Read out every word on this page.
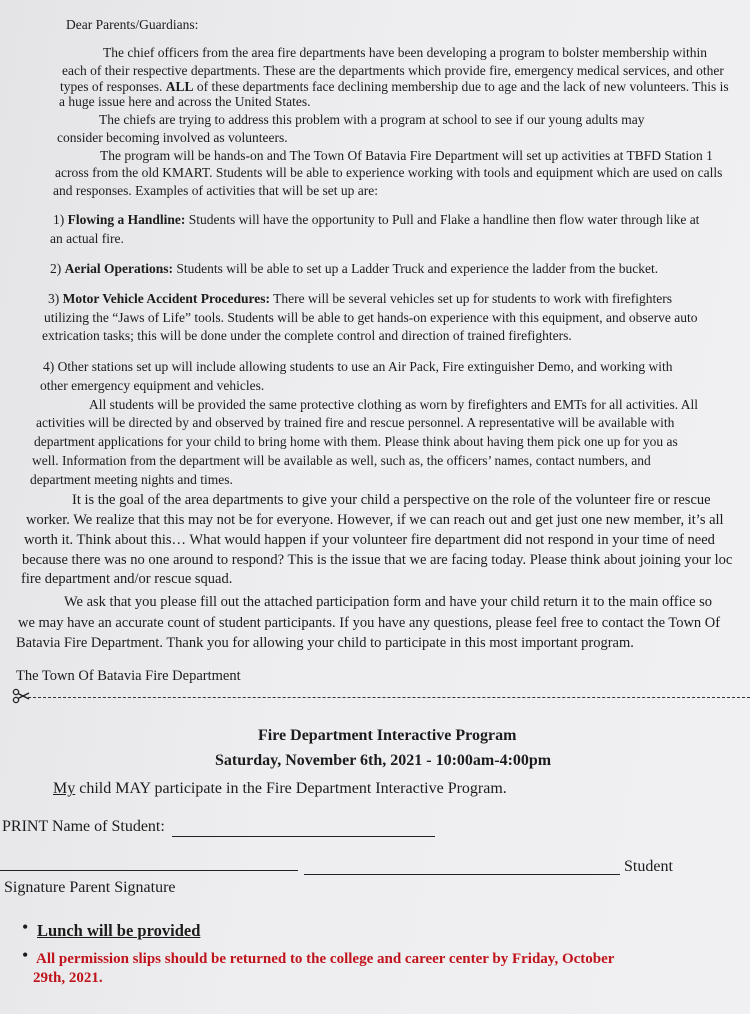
Dear Parents/Guardians:
The chief officers from the area fire departments have been developing a program to bolster membership within
each of their respective departments. These are the departments which provide fire, emergency medical services, and other
types of responses. ALL of these departments face declining membership due to age and the lack of new volunteers. This is
a huge issue here and across the United States.
The chiefs are trying to address this problem with a program at school to see if our young adults may
consider becoming involved as volunteers.
The program will be hands-on and The Town Of Batavia Fire Department will set up activities at TBFD Station 1
across from the old KMART. Students will be able to experience working with tools and equipment which are used on calls
and responses. Examples of activities that will be set up are:
1) Flowing a Handline: Students will have the opportunity to Pull and Flake a handline then flow water through like at
an actual fire.
2) Aerial Operations: Students will be able to set up a Ladder Truck and experience the ladder from the bucket.
3) Motor Vehicle Accident Procedures: There will be several vehicles set up for students to work with firefighters
utilizing the “Jaws of Life” tools. Students will be able to get hands-on experience with this equipment, and observe auto
extrication tasks; this will be done under the complete control and direction of trained firefighters.
4) Other stations set up will include allowing students to use an Air Pack, Fire extinguisher Demo, and working with
other emergency equipment and vehicles.
All students will be provided the same protective clothing as worn by firefighters and EMTs for all activities. All
activities will be directed by and observed by trained fire and rescue personnel. A representative will be available with
department applications for your child to bring home with them. Please think about having them pick one up for you as
well. Information from the department will be available as well, such as, the officers’ names, contact numbers, and
department meeting nights and times.
It is the goal of the area departments to give your child a perspective on the role of the volunteer fire or rescue
worker. We realize that this may not be for everyone. However, if we can reach out and get just one new member, it’s all
worth it. Think about this… What would happen if your volunteer fire department did not respond in your time of need
because there was no one around to respond? This is the issue that we are facing today. Please think about joining your loc
fire department and/or rescue squad.
We ask that you please fill out the attached participation form and have your child return it to the main office so
we may have an accurate count of student participants. If you have any questions, please feel free to contact the Town Of
Batavia Fire Department. Thank you for allowing your child to participate in this most important program.
The Town Of Batavia Fire Department
Fire Department Interactive Program
Saturday, November 6th, 2021 - 10:00am-4:00pm
My child MAY participate in the Fire Department Interactive Program.
PRINT Name of Student:
Student
Signature Parent Signature
• Lunch will be provided
• All permission slips should be returned to the college and career center by Friday, October
29th, 2021.
